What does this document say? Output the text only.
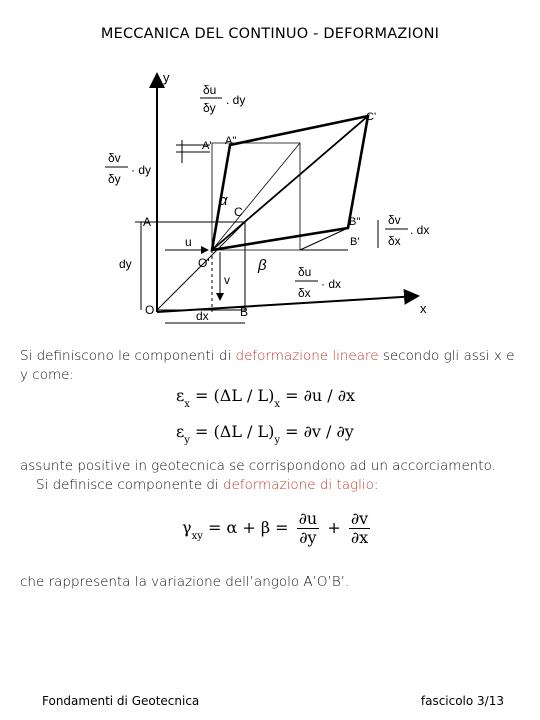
MECCANICA DEL CONTINUO - DEFORMAZIONI
y
x
O
O'
A
A' A''
B
B'
B''
C
C'
α
β
u
v
dy
dx
δu
δy
. dy
δv
δy
· dy
δv
δx
. dx
δu
δx
· dx
Si definiscono le componenti di deformazione lineare secondo gli assi x e y come:
$\varepsilon_x = (\Delta L / L)_x = \partial u / \partial x$
$\varepsilon_y = (\Delta L / L)_y = \partial v / \partial y$
assunte positive in geotecnica se corrispondono ad un accorciamento.
Si definisce componente di deformazione di taglio:
$\gamma_{xy} = \alpha + \beta = \frac{\partial u}{\partial y} + \frac{\partial v}{\partial x}$
che rappresenta la variazione dell’angolo A’O’B’.
Fondamenti di Geotecnica	fascicolo 3/13
